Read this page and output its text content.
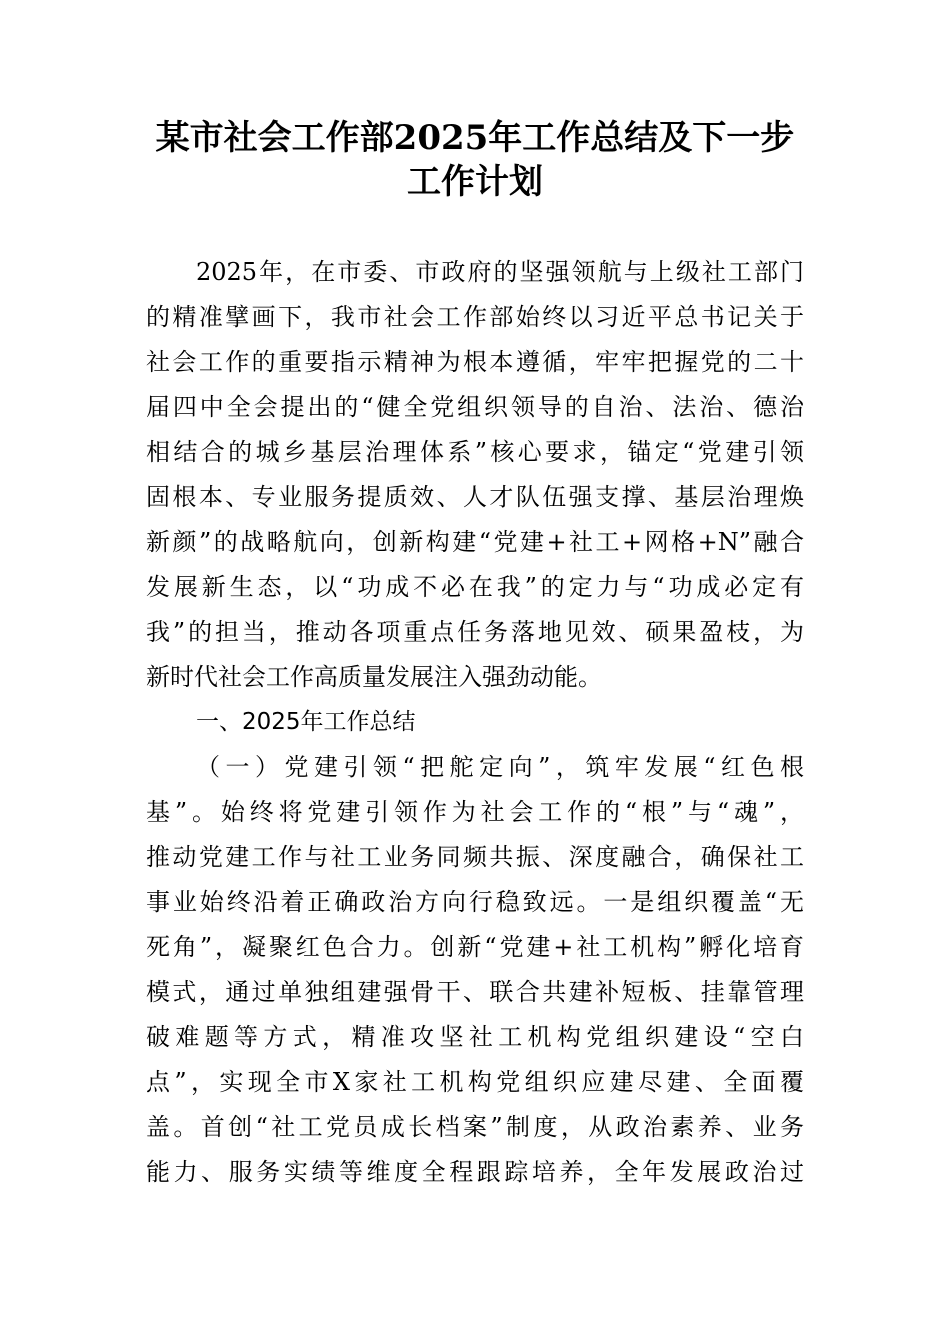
某市社会工作部2025年工作总结及下一步
工作计划
2025年，在市委、市政府的坚强领航与上级社工部门
的精准擘画下，我市社会工作部始终以习近平总书记关于
社会工作的重要指示精神为根本遵循，牢牢把握党的二十
届四中全会提出的“健全党组织领导的自治、法治、德治
相结合的城乡基层治理体系”核心要求，锚定“党建引领
固根本、专业服务提质效、人才队伍强支撑、基层治理焕
新颜”的战略航向，创新构建“党建+社工+网格+N”融合
发展新生态，以“功成不必在我”的定力与“功成必定有
我”的担当，推动各项重点任务落地见效、硕果盈枝，为
新时代社会工作高质量发展注入强劲动能。
一、2025年工作总结
（一）党建引领“把舵定向”，筑牢发展“红色根
基”。始终将党建引领作为社会工作的“根”与“魂”，
推动党建工作与社工业务同频共振、深度融合，确保社工
事业始终沿着正确政治方向行稳致远。一是组织覆盖“无
死角”，凝聚红色合力。创新“党建+社工机构”孵化培育
模式，通过单独组建强骨干、联合共建补短板、挂靠管理
破难题等方式，精准攻坚社工机构党组织建设“空白
点”，实现全市X家社工机构党组织应建尽建、全面覆
盖。首创“社工党员成长档案”制度，从政治素养、业务
能力、服务实绩等维度全程跟踪培养，全年发展政治过
